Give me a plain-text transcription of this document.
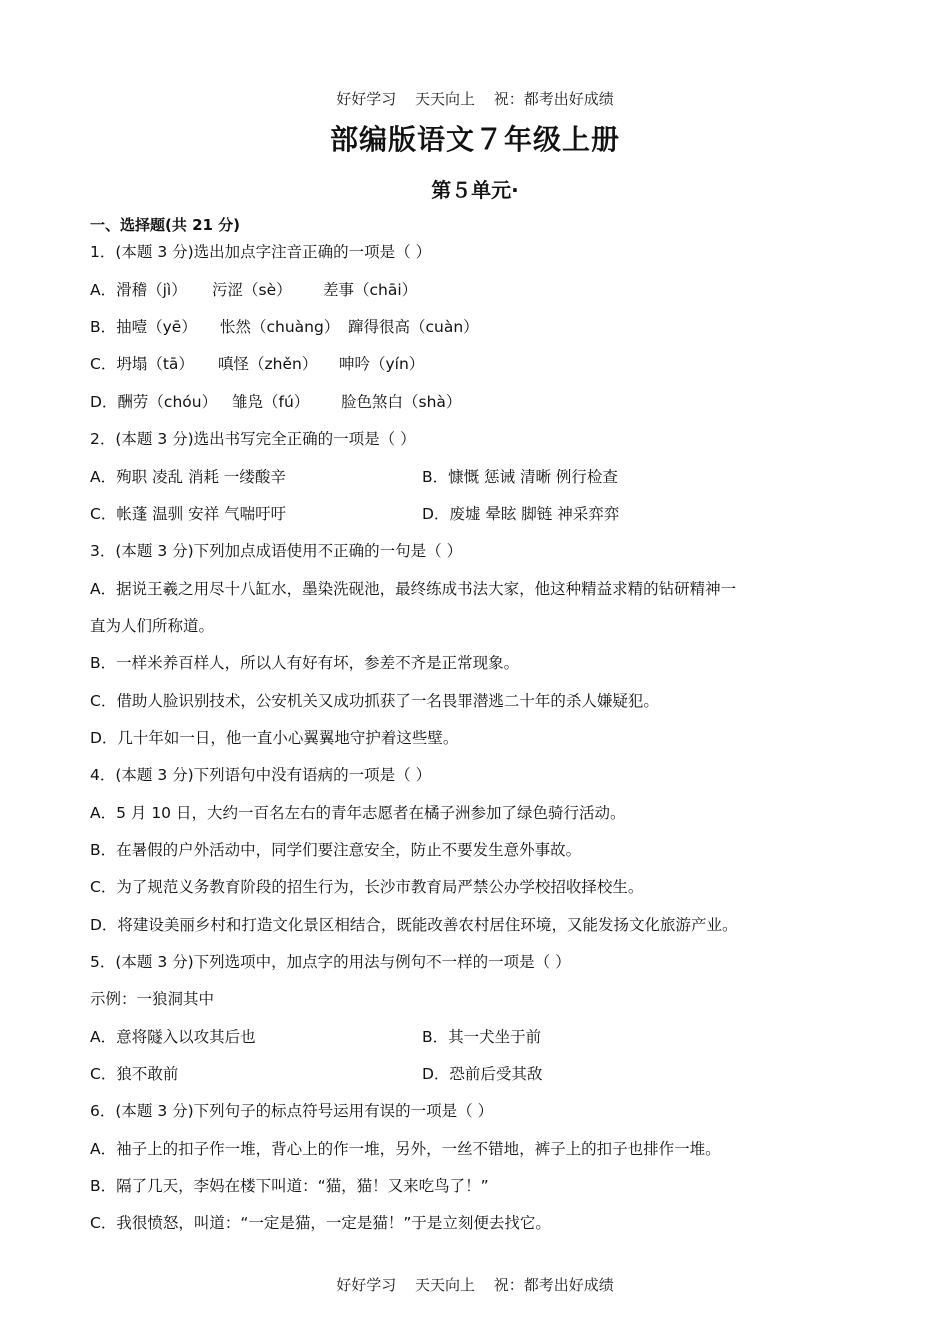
好好学习 天天向上 祝：都考出好成绩
部编版语文７年级上册
第５单元·
一、选择题(共 21 分)
1．(本题 3 分)选出加点字注音正确的一项是（ ）
A．滑稽（jì） 污涩（sè） 差事（chāi）
B．抽噎（yē） 怅然（chuàng） 蹿得很高（cuàn）
C．坍塌（tā） 嗔怪（zhěn） 呻吟（yín）
D．酬劳（chóu） 雏凫（fú） 脸色煞白（shà）
2．(本题 3 分)选出书写完全正确的一项是（ ）
A．殉职 凌乱 消耗 一缕酸辛	B．慷慨 惩诫 清晰 例行检查
C．帐蓬 温驯 安祥 气喘吁吁	D．废墟 晕眩 脚链 神采弈弈
3．(本题 3 分)下列加点成语使用不正确的一句是（ ）
A．据说王羲之用尽十八缸水，墨染洗砚池，最终练成书法大家，他这种精益求精的钻研精神一
直为人们所称道。
B．一样米养百样人，所以人有好有坏，参差不齐是正常现象。
C．借助人脸识别技术，公安机关又成功抓获了一名畏罪潜逃二十年的杀人嫌疑犯。
D．几十年如一日，他一直小心翼翼地守护着这些壁。
4．(本题 3 分)下列语句中没有语病的一项是（ ）
A．5 月 10 日，大约一百名左右的青年志愿者在橘子洲参加了绿色骑行活动。
B．在暑假的户外活动中，同学们要注意安全，防止不要发生意外事故。
C．为了规范义务教育阶段的招生行为，长沙市教育局严禁公办学校招收择校生。
D．将建设美丽乡村和打造文化景区相结合，既能改善农村居住环境，又能发扬文化旅游产业。
5．(本题 3 分)下列选项中，加点字的用法与例句不一样的一项是（ ）
示例：一狼洞其中
A．意将隧入以攻其后也	B．其一犬坐于前
C．狼不敢前	D．恐前后受其敌
6．(本题 3 分)下列句子的标点符号运用有误的一项是（ ）
A．袖子上的扣子作一堆，背心上的作一堆，另外，一丝不错地，裤子上的扣子也排作一堆。
B．隔了几天，李妈在楼下叫道：“猫，猫！又来吃鸟了！”
C．我很愤怒，叫道：“一定是猫，一定是猫！”于是立刻便去找它。
好好学习 天天向上 祝：都考出好成绩
